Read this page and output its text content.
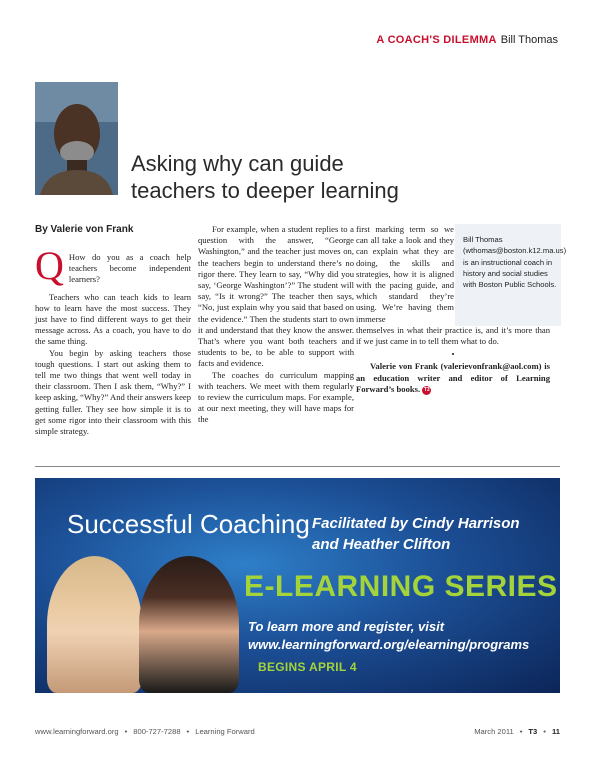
A COACH'S DILEMMA Bill Thomas
Asking why can guide
teachers to deeper learning
By Valerie von Frank
Q How do you as a coach help teachers become independent learners?

Teachers who can teach kids to learn how to learn have the most success. They just have to find different ways to get their message across. As a coach, you have to do the same thing.

You begin by asking teachers those tough questions. I start out asking them to tell me two things that went well today in their classroom. Then I ask them, “Why?” I keep asking, “Why?” And their answers keep getting fuller. They see how simple it is to get some rigor into their classroom with this simple strategy.

For example, when a student replies to a question with the answer, “George Washington,” and the teacher just moves on, the teachers begin to understand there’s no rigor there. They learn to say, “Why did you say, ‘George Washington’?” The student will say, “Is it wrong?” The teacher then says, “No, just explain why you said that based on the evidence.” Then the students start to own it and understand that they know the answer. That’s where you want both teachers and students to be, to be able to support with facts and evidence.

The coaches do curriculum mapping with teachers. We meet with them regularly to review the curriculum maps. For example, at our next meeting, they will have maps for the

Bill Thomas (wthomas@boston.k12.ma.us) is an instructional coach in history and social studies with Boston Public Schools.

first marking term so we can all take a look and they can explain what they are doing, the skills and strategies, how it is aligned with the pacing guide, and which standard they’re using. We’re having them immerse

themselves in what their practice is, and it’s more than if we just came in to tell them what to do.

•

Valerie von Frank (valerievonfrank@aol.com) is an education writer and editor of Learning Forward’s books. T3

Successful Coaching Facilitated by Cindy Harrison
and Heather Clifton
E-LEARNING SERIES
To learn more and register, visit
www.learningforward.org/elearning/programs
BEGINS APRIL 4
www.learningforward.org • 800-727-7288 • Learning Forward	March 2011 • T3 • 11
